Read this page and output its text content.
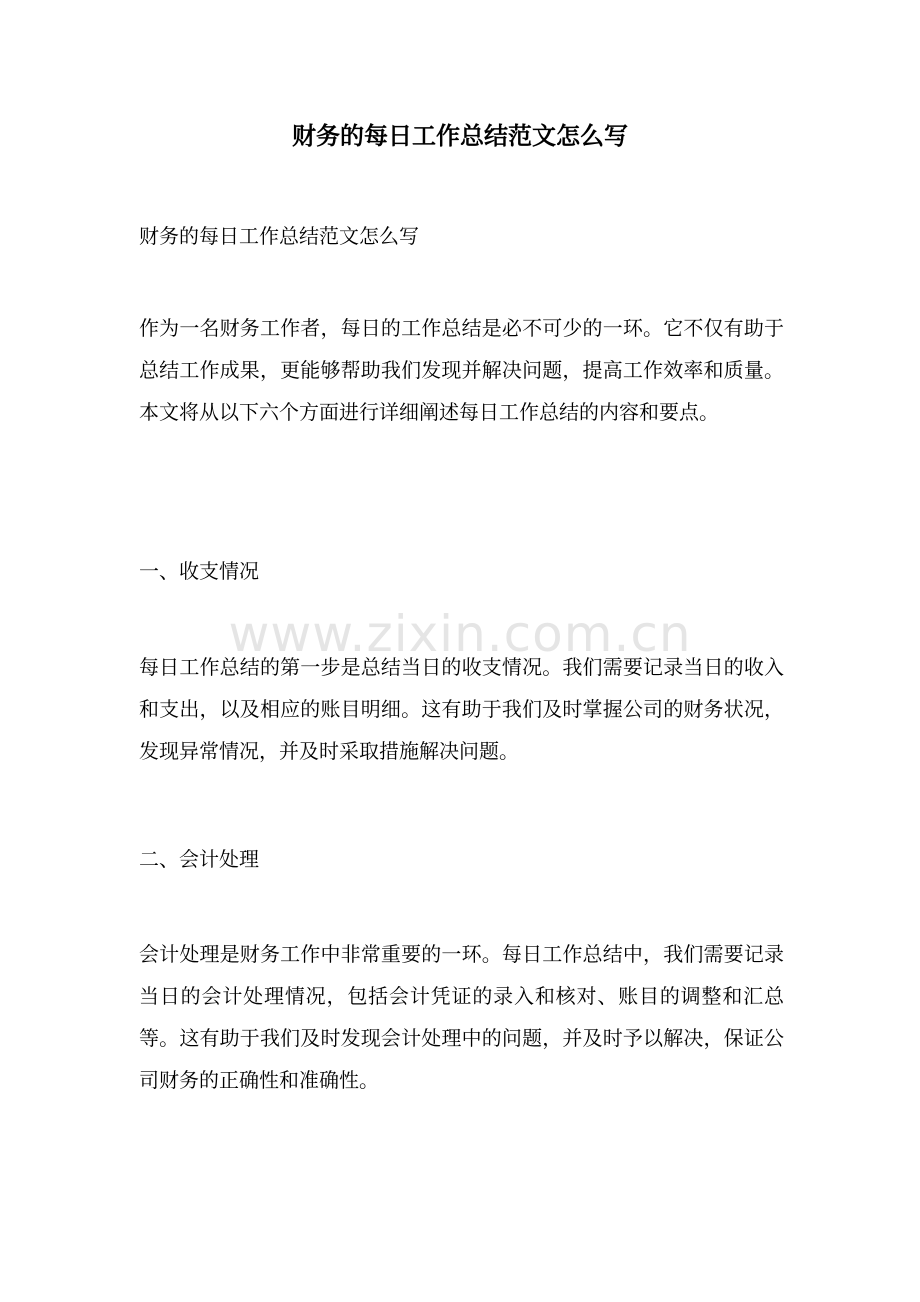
财务的每日工作总结范文怎么写

财务的每日工作总结范文怎么写

作为一名财务工作者，每日的工作总结是必不可少的一环。它不仅有助于总结工作成果，更能够帮助我们发现并解决问题，提高工作效率和质量。本文将从以下六个方面进行详细阐述每日工作总结的内容和要点。

一、收支情况

www.zixin.com.cn

每日工作总结的第一步是总结当日的收支情况。我们需要记录当日的收入和支出，以及相应的账目明细。这有助于我们及时掌握公司的财务状况，发现异常情况，并及时采取措施解决问题。

二、会计处理

会计处理是财务工作中非常重要的一环。每日工作总结中，我们需要记录当日的会计处理情况，包括会计凭证的录入和核对、账目的调整和汇总等。这有助于我们及时发现会计处理中的问题，并及时予以解决，保证公司财务的正确性和准确性。
